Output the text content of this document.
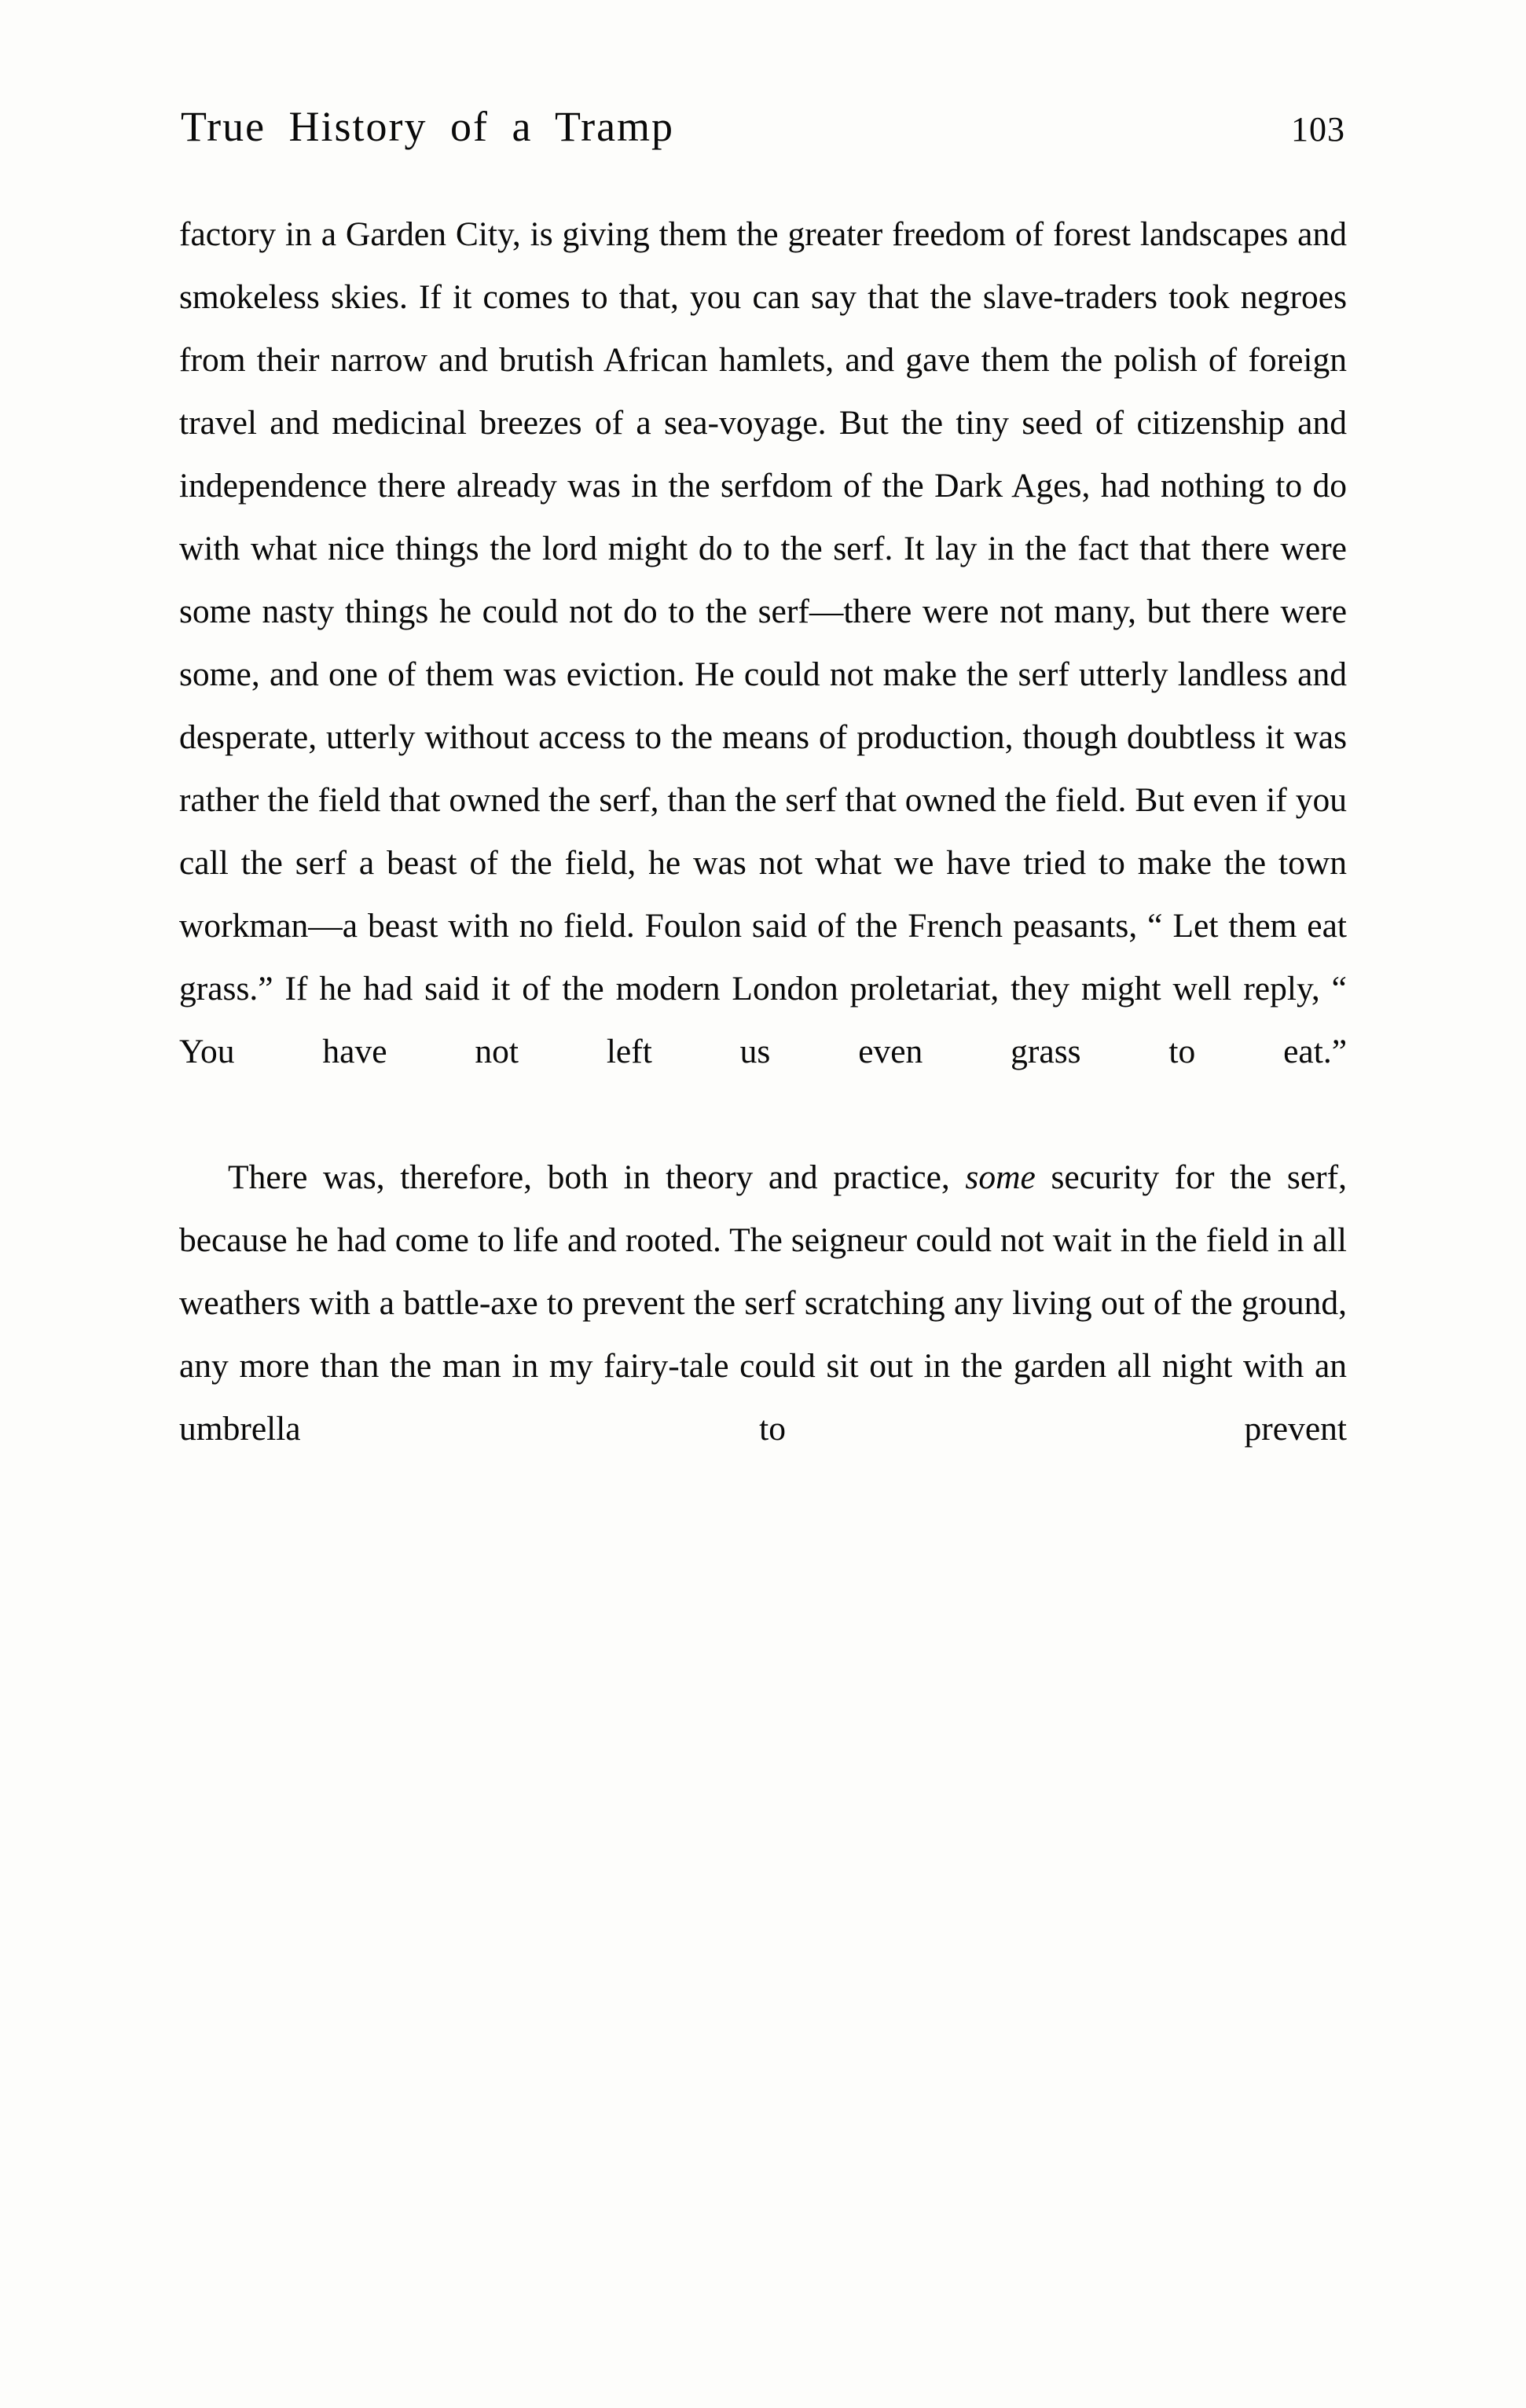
True History of a Tramp	103

factory in a Garden City, is giving them the greater freedom of forest landscapes and smokeless skies. If it comes to that, you can say that the slave-traders took negroes from their narrow and brutish African hamlets, and gave them the polish of foreign travel and medicinal breezes of a sea-voyage. But the tiny seed of citizenship and independence there already was in the serfdom of the Dark Ages, had nothing to do with what nice things the lord might do to the serf. It lay in the fact that there were some nasty things he could not do to the serf—there were not many, but there were some, and one of them was eviction. He could not make the serf utterly landless and desperate, utterly without access to the means of production, though doubtless it was rather the field that owned the serf, than the serf that owned the field. But even if you call the serf a beast of the field, he was not what we have tried to make the town workman—a beast with no field. Foulon said of the French peasants, “ Let them eat grass.” If he had said it of the modern London proletariat, they might well reply, “ You have not left us even grass to eat.”

There was, therefore, both in theory and practice, some security for the serf, because he had come to life and rooted. The seigneur could not wait in the field in all weathers with a battle-axe to prevent the serf scratching any living out of the ground, any more than the man in my fairy-tale could sit out in the garden all night with an umbrella to prevent
